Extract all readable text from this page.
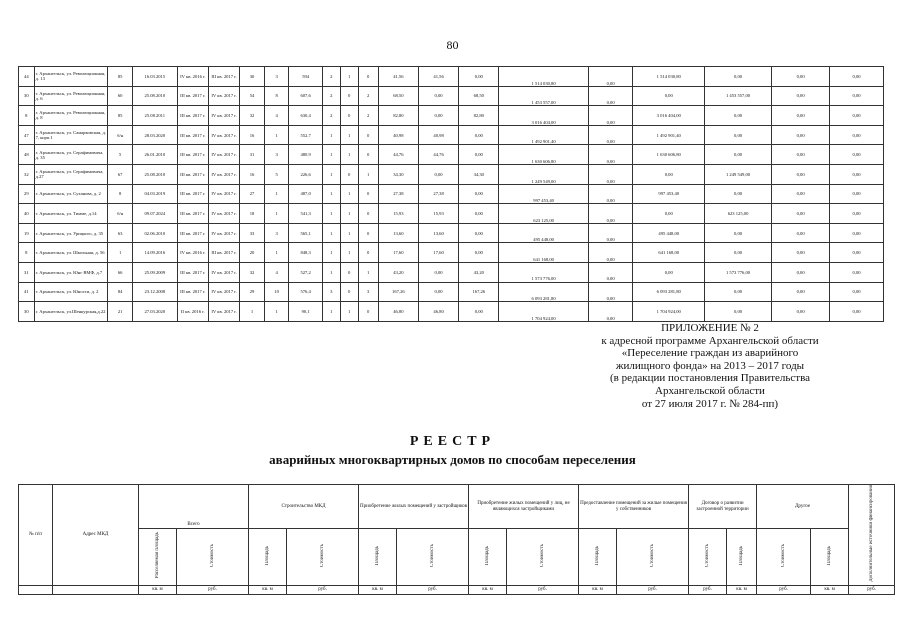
80
44	г. Архангельск, ул. Революционная, д. 13	85	16.03.2015	IV кв. 2016 г.	III кв. 2017 г.	30	3	594	2	1	0	41,56	41,56	0,00	1 514 030,80	0,00	1 514 030,80	0,00	0,00	0,00
30	г. Архангельск, ул. Революционная, д. 6	60	25.08.2010	III кв. 2017 г.	IV кв. 2017 г.	54	8	607,6	2	0	2	68,50	0,00	68,50	1 453 557,00	0,00	0,00	1 453 557,00	0,00	0,00
8	г. Архангельск, ул. Революционная, д. 8	85	25.08.2011	III кв. 2017 г.	IV кв. 2017 г.	32	4	630,4	2	0	2	82,80	0,00	82,80	3 016 404,00	0,00	3 016 404,00	0,00	0,00	0,00
47	г. Архангельск, ул. Самарковская, д. 7, корп.1	б/н	28.03.2020	III кв. 2017 г.	IV кв. 2017 г.	16	1	552,7	1	1	0	40,98	40,98	0,00	1 492 901,40	0,00	1 492 901,40	0,00	0,00	0,00
48	г. Архангельск, ул. Серафимовича, д. 35	5	26.01.2010	III кв. 2017 г.	IV кв. 2017 г.	31	3	480,9	1	1	0	44,76	44,76	0,00	1 630 606,80	0,00	1 630 606,80	0,00	0,00	0,00
32	г. Архангельск, ул. Серафимовича, д.27	67	25.08.2010	III кв. 2017 г.	IV кв. 2017 г.	16	5	226,6	1	0	1	34,30	0,00	34,30	1 249 549,00	0,00	0,00	1 249 549,00	0,00	0,00
29	г. Архангельск, ул. Суханова, д. 2	8	04.03.2019	III кв. 2017 г.	IV кв. 2017 г.	27	1	487,0	1	1	0	27,38	27,38	0,00	997 453,40	0,00	997 453,40	0,00	0,00	0,00
40	г. Архангельск, ул. Тимме, д.14	б/н	09.07.2024	III кв. 2017 г.	IV кв. 2017 г.	18	1	541,3	1	1	0	15,93	15,93	0,00	623 125,00	0,00	0,00	623 125,00	0,00	0,00
19	г. Архангельск, ул. Урицкого, д. 35	63	02.06.2010	III кв. 2017 г.	IV кв. 2017 г.	33	3	565,1	1	1	0	13,60	13,60	0,00	495 448,00	0,00	495 448,00	0,00	0,00	0,00
8	г. Архангельск, ул. Школьная, д. 56	1	14.09.2016	IV кв. 2016 г.	III кв. 2017 г.	20	1	848,3	1	1	0	17,60	17,60	0,00	641 168,00	0,00	641 168,00	0,00	0,00	0,00
31	г. Архангельск, ул. Юнг ВМФ, д.7	66	25.09.2009	III кв. 2017 г.	IV кв. 2017 г.	32	4	527,2	1	0	1	43,20	0,00	43,20	1 573 776,00	0,00	0,00	1 573 776,00	0,00	0,00
41	г. Архангельск, ул. Юности, д. 2	84	23.12.2008	III кв. 2017 г.	IV кв. 2017 г.	29	10	576,4	3	0	3	167,26	0,00	167,26	6 093 281,80	0,00	6 093 281,80	0,00	0,00	0,00
30	г. Архангельск, ул.Шенкурская,д.22	21	27.03.2020	II кв. 2016 г.	IV кв. 2017 г.	1	1	90,1	1	1	0	46,80	46,80	0,00	1 704 924,00	0,00	1 704 924,00	0,00	0,00	0,00
ПРИЛОЖЕНИЕ № 2
к адресной программе Архангельской области
«Переселение граждан из аварийного
жилищного фонда» на 2013 – 2017 годы
(в редакции постановления Правительства
Архангельской области
от 27 июля 2017 г. № 284-пп)
РЕЕСТР
аварийных многоквартирных домов по способам переселения
№ п/п	Адрес МКД	Всего		Строительство МКД		Приобретение жилых помещений у застройщиков		Приобретение жилых помещений у лиц, не являющихся застройщиками		Предоставление помещений за жилые помещения у собственников		Договор о развитии застроенной территории		Другое		Дополнительные источники финансирования
		Расселяемая площадь	Стоимость	Площадь	Стоимость	Площадь	Стоимость	Площадь	Стоимость	Площадь	Стоимость	Стоимость	Площадь	Стоимость	Площадь	
		кв. м	руб.	кв. м	руб.	кв. м	руб.	кв. м	руб.	кв. м	руб.	руб.	кв. м	руб.	кв. м	руб.
